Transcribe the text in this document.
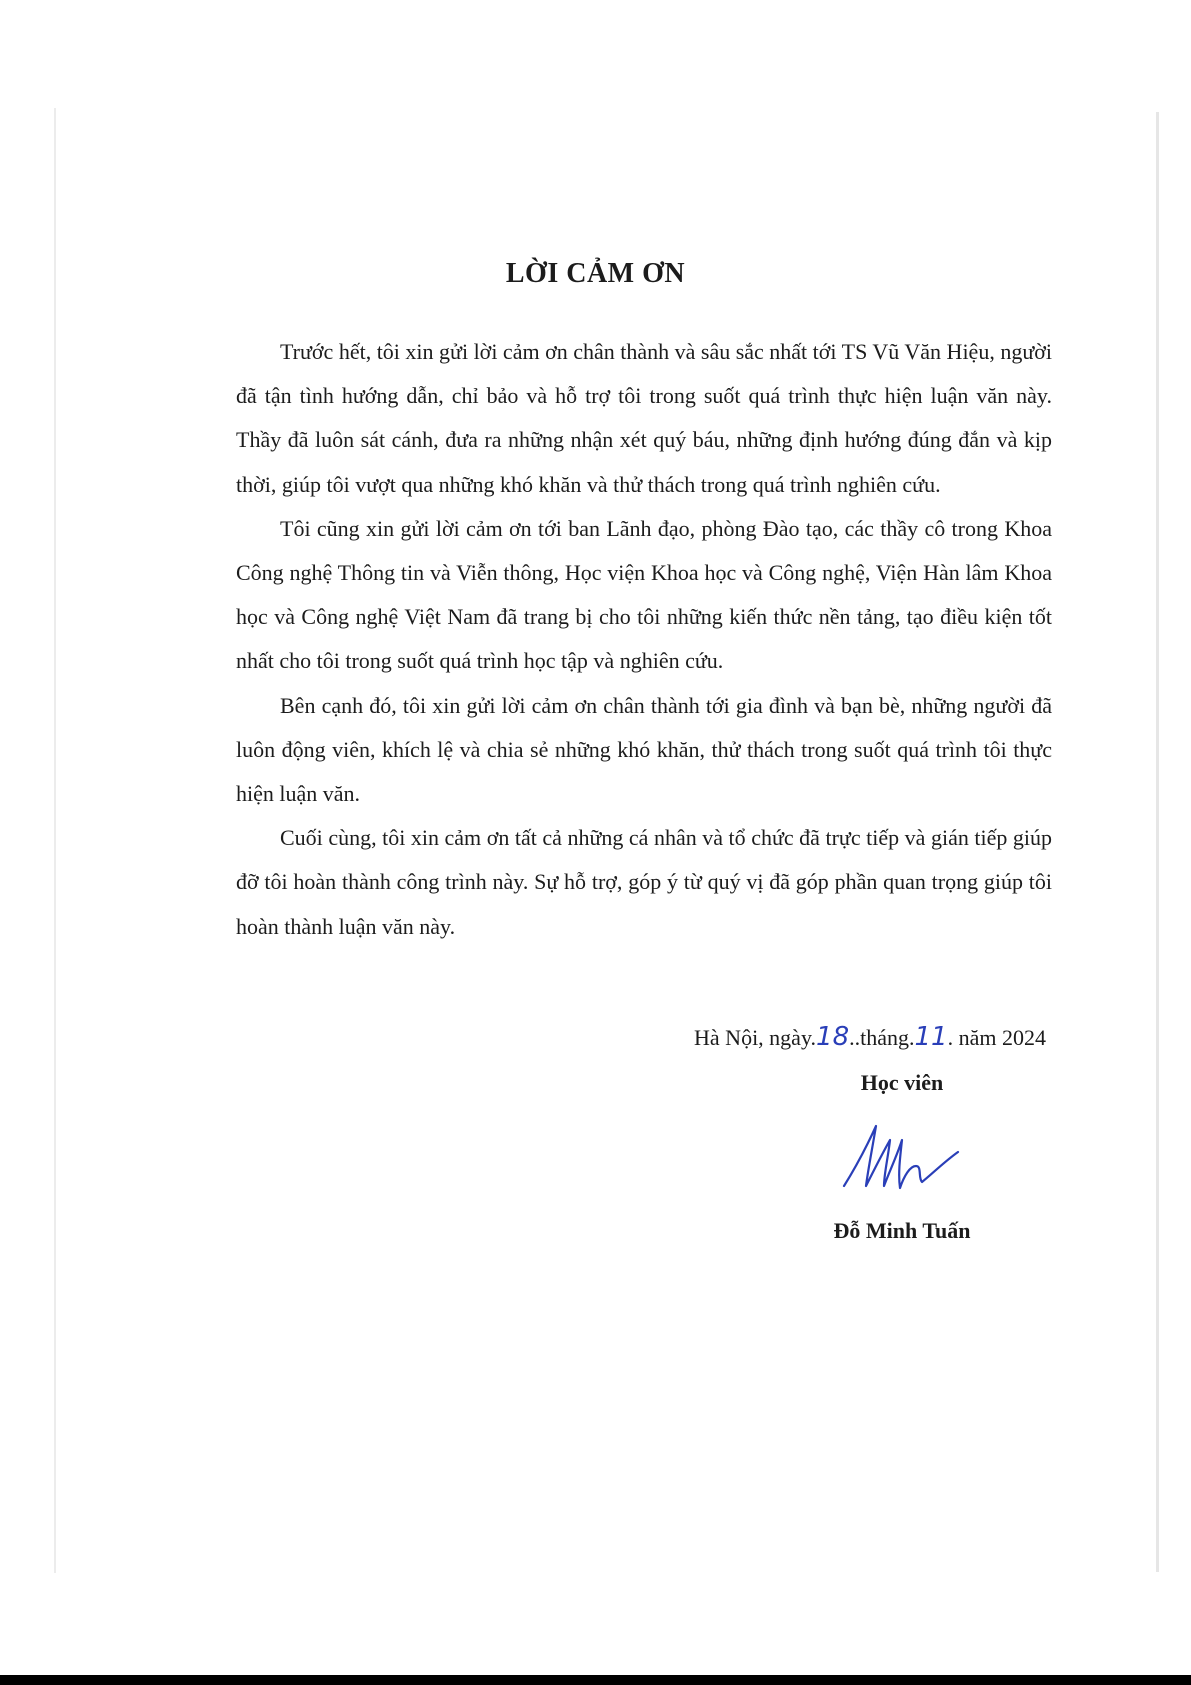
LỜI CẢM ƠN

Trước hết, tôi xin gửi lời cảm ơn chân thành và sâu sắc nhất tới TS Vũ Văn Hiệu, người đã tận tình hướng dẫn, chỉ bảo và hỗ trợ tôi trong suốt quá trình thực hiện luận văn này. Thầy đã luôn sát cánh, đưa ra những nhận xét quý báu, những định hướng đúng đắn và kịp thời, giúp tôi vượt qua những khó khăn và thử thách trong quá trình nghiên cứu.

Tôi cũng xin gửi lời cảm ơn tới ban Lãnh đạo, phòng Đào tạo, các thầy cô trong Khoa Công nghệ Thông tin và Viễn thông, Học viện Khoa học và Công nghệ, Viện Hàn lâm Khoa học và Công nghệ Việt Nam đã trang bị cho tôi những kiến thức nền tảng, tạo điều kiện tốt nhất cho tôi trong suốt quá trình học tập và nghiên cứu.

Bên cạnh đó, tôi xin gửi lời cảm ơn chân thành tới gia đình và bạn bè, những người đã luôn động viên, khích lệ và chia sẻ những khó khăn, thử thách trong suốt quá trình tôi thực hiện luận văn.

Cuối cùng, tôi xin cảm ơn tất cả những cá nhân và tổ chức đã trực tiếp và gián tiếp giúp đỡ tôi hoàn thành công trình này. Sự hỗ trợ, góp ý từ quý vị đã góp phần quan trọng giúp tôi hoàn thành luận văn này.

Hà Nội, ngày.18..tháng.11. năm 2024
Học viên
Đỗ Minh Tuấn
